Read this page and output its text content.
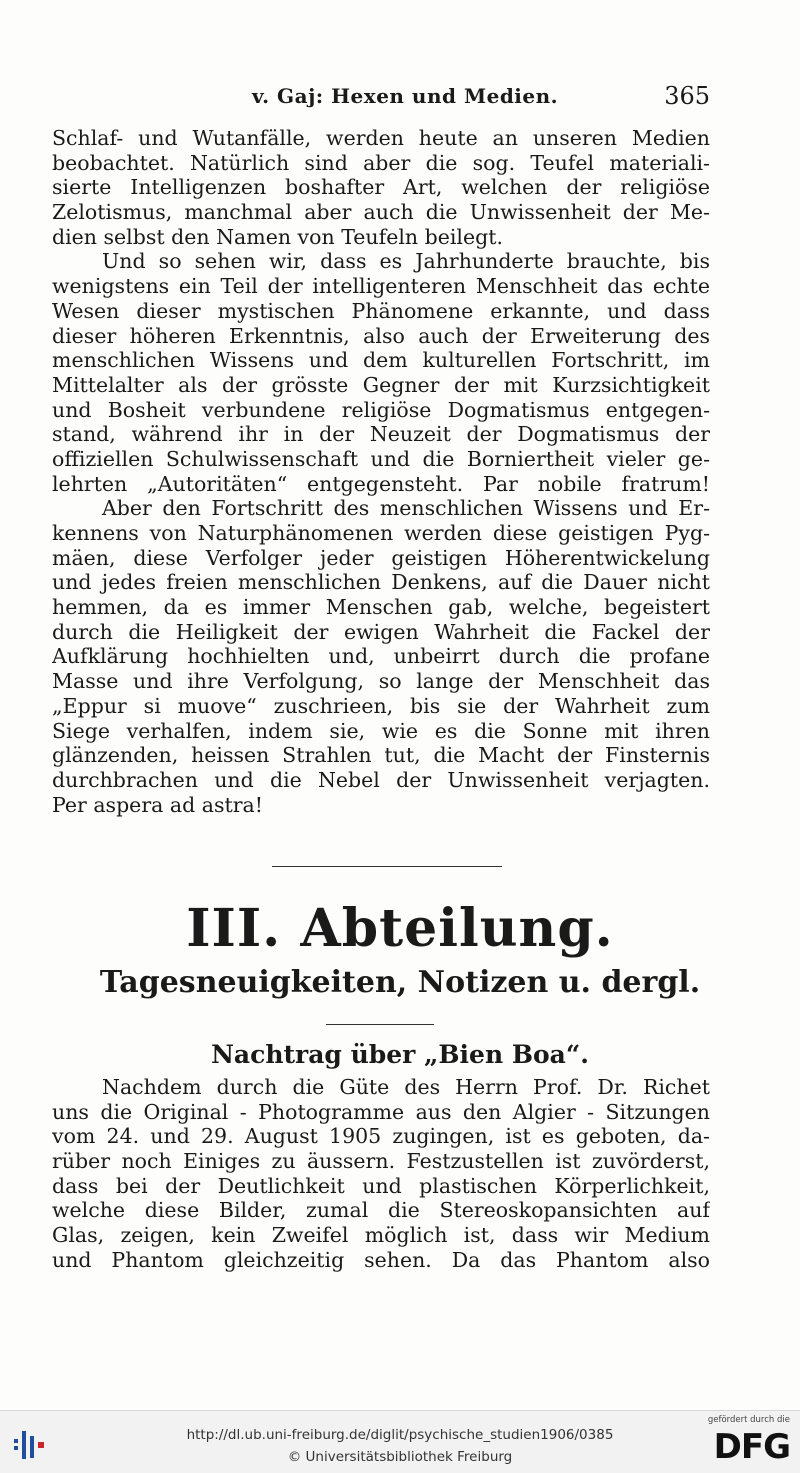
v. Gaj: Hexen und Medien.	365
Schlaf- und Wutanfälle, werden heute an unseren Medien
beobachtet. Natürlich sind aber die sog. Teufel materiali-
sierte Intelligenzen boshafter Art, welchen der religiöse
Zelotismus, manchmal aber auch die Unwissenheit der Me-
dien selbst den Namen von Teufeln beilegt.
Und so sehen wir, dass es Jahrhunderte brauchte, bis
wenigstens ein Teil der intelligenteren Menschheit das echte
Wesen dieser mystischen Phänomene erkannte, und dass
dieser höheren Erkenntnis, also auch der Erweiterung des
menschlichen Wissens und dem kulturellen Fortschritt, im
Mittelalter als der grösste Gegner der mit Kurzsichtigkeit
und Bosheit verbundene religiöse Dogmatismus entgegen-
stand, während ihr in der Neuzeit der Dogmatismus der
offiziellen Schulwissenschaft und die Borniertheit vieler ge-
lehrten „Autoritäten“ entgegensteht. Par nobile fratrum!
Aber den Fortschritt des menschlichen Wissens und Er-
kennens von Naturphänomenen werden diese geistigen Pyg-
mäen, diese Verfolger jeder geistigen Höherentwickelung
und jedes freien menschlichen Denkens, auf die Dauer nicht
hemmen, da es immer Menschen gab, welche, begeistert
durch die Heiligkeit der ewigen Wahrheit die Fackel der
Aufklärung hochhielten und, unbeirrt durch die profane
Masse und ihre Verfolgung, so lange der Menschheit das
„Eppur si muove“ zuschrieen, bis sie der Wahrheit zum
Siege verhalfen, indem sie, wie es die Sonne mit ihren
glänzenden, heissen Strahlen tut, die Macht der Finsternis
durchbrachen und die Nebel der Unwissenheit verjagten.
Per aspera ad astra!
III. Abteilung.
Tagesneuigkeiten, Notizen u. dergl.
Nachtrag über „Bien Boa“.
Nachdem durch die Güte des Herrn Prof. Dr. Richet
uns die Original - Photogramme aus den Algier - Sitzungen
vom 24. und 29. August 1905 zugingen, ist es geboten, da-
rüber noch Einiges zu äussern. Festzustellen ist zuvörderst,
dass bei der Deutlichkeit und plastischen Körperlichkeit,
welche diese Bilder, zumal die Stereoskopansichten auf
Glas, zeigen, kein Zweifel möglich ist, dass wir Medium
und Phantom gleichzeitig sehen. Da das Phantom also
http://dl.ub.uni-freiburg.de/diglit/psychische_studien1906/0385
© Universitätsbibliothek Freiburg
gefördert durch die
DFG
